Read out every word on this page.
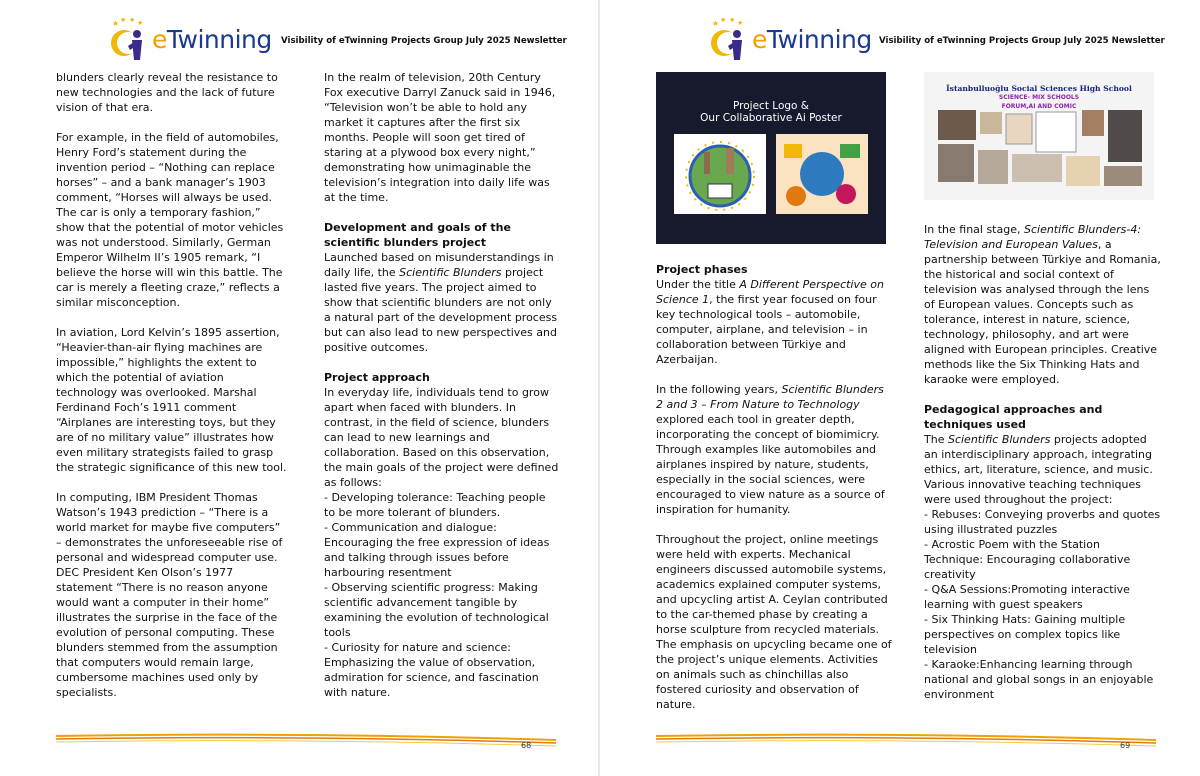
★ ★ ★ ★
eTwinning Visibility of eTwinning Projects Group July 2025 Newsletter

blunders clearly reveal the resistance to new technologies and the lack of future vision of that era.

For example, in the field of automobiles, Henry Ford’s statement during the invention period – “Nothing can replace horses” – and a bank manager’s 1903 comment, “Horses will always be used. The car is only a temporary fashion,” show that the potential of motor vehicles was not understood. Similarly, German Emperor Wilhelm II’s 1905 remark, “I believe the horse will win this battle. The car is merely a fleeting craze,” reflects a similar misconception.

In aviation, Lord Kelvin’s 1895 assertion, “Heavier-than-air flying machines are impossible,” highlights the extent to which the potential of aviation technology was overlooked. Marshal Ferdinand Foch’s 1911 comment “Airplanes are interesting toys, but they are of no military value” illustrates how even military strategists failed to grasp the strategic significance of this new tool.

In computing, IBM President Thomas Watson’s 1943 prediction – “There is a world market for maybe five computers” – demonstrates the unforeseeable rise of personal and widespread computer use. DEC President Ken Olson’s 1977 statement “There is no reason anyone would want a computer in their home” illustrates the surprise in the face of the evolution of personal computing. These blunders stemmed from the assumption that computers would remain large, cumbersome machines used only by specialists.

In the realm of television, 20th Century Fox executive Darryl Zanuck said in 1946, “Television won’t be able to hold any market it captures after the first six months. People will soon get tired of staring at a plywood box every night,” demonstrating how unimaginable the television’s integration into daily life was at the time.

Development and goals of the scientific blunders project
Launched based on misunderstandings in daily life, the Scientific Blunders project lasted five years. The project aimed to show that scientific blunders are not only a natural part of the development process but can also lead to new perspectives and positive outcomes.

Project approach
In everyday life, individuals tend to grow apart when faced with blunders. In contrast, in the field of science, blunders can lead to new learnings and collaboration. Based on this observation, the main goals of the project were defined as follows:
- Developing tolerance: Teaching people to be more tolerant of blunders.
- Communication and dialogue: Encouraging the free expression of ideas and talking through issues before harbouring resentment
- Observing scientific progress: Making scientific advancement tangible by examining the evolution of technological tools
- Curiosity for nature and science: Emphasizing the value of observation, admiration for science, and fascination with nature.

68
★ ★ ★ ★
eTwinning Visibility of eTwinning Projects Group July 2025 Newsletter
Project Logo &
Our Collaborative Ai Poster
İstanbulluoğlu Social Sciences High School
SCIENCE- MIX SCHOOLS
FORUM,AI AND COMIC

Project phases
Under the title A Different Perspective on Science 1, the first year focused on four key technological tools – automobile, computer, airplane, and television – in collaboration between Türkiye and Azerbaijan.

In the following years, Scientific Blunders 2 and 3 – From Nature to Technology explored each tool in greater depth, incorporating the concept of biomimicry. Through examples like automobiles and airplanes inspired by nature, students, especially in the social sciences, were encouraged to view nature as a source of inspiration for humanity.

Throughout the project, online meetings were held with experts. Mechanical engineers discussed automobile systems, academics explained computer systems, and upcycling artist A. Ceylan contributed to the car-themed phase by creating a horse sculpture from recycled materials. The emphasis on upcycling became one of the project’s unique elements. Activities on animals such as chinchillas also fostered curiosity and observation of nature.

In the final stage, Scientific Blunders-4: Television and European Values, a partnership between Türkiye and Romania, the historical and social context of television was analysed through the lens of European values. Concepts such as tolerance, interest in nature, science, technology, philosophy, and art were aligned with European principles. Creative methods like the Six Thinking Hats and karaoke were employed.

Pedagogical approaches and techniques used
The Scientific Blunders projects adopted an interdisciplinary approach, integrating ethics, art, literature, science, and music. Various innovative teaching techniques were used throughout the project:
- Rebuses: Conveying proverbs and quotes using illustrated puzzles
- Acrostic Poem with the Station Technique: Encouraging collaborative creativity
- Q&A Sessions:Promoting interactive learning with guest speakers
- Six Thinking Hats: Gaining multiple perspectives on complex topics like television
- Karaoke:Enhancing learning through national and global songs in an enjoyable environment

69
